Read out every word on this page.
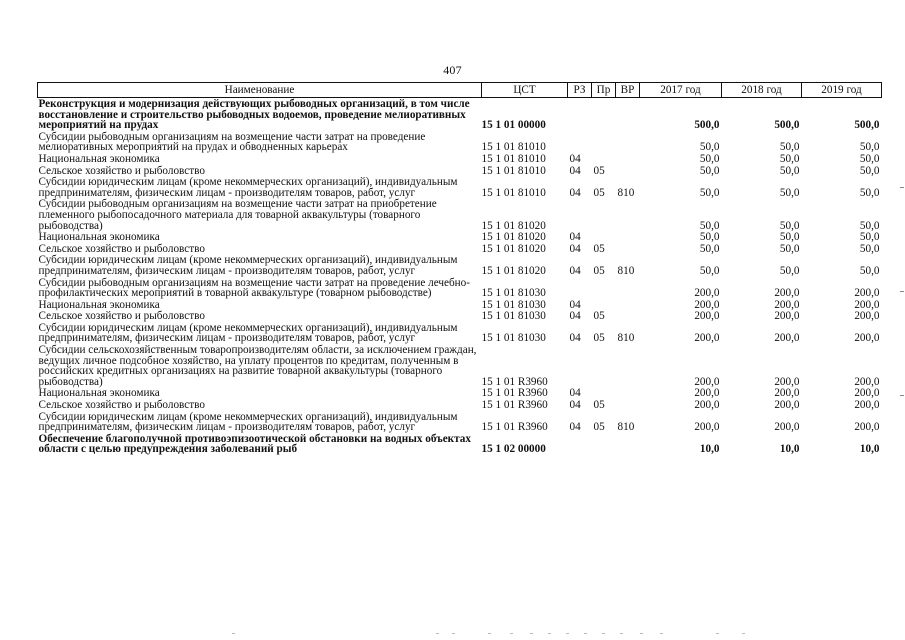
407
Наименование	ЦСТ	РЗ	Пр	ВР	2017 год	2018 год	2019 год
Реконструкция и модернизация действующих рыбоводных организаций, в том числе восстановление и строительство рыбоводных водоемов, проведение мелиоративных мероприятий на прудах	15 1 01 00000				500,0	500,0	500,0
Субсидии рыбоводным организациям на возмещение части затрат на проведение мелиоративных мероприятий на прудах и обводненных карьерах	15 1 01 81010				50,0	50,0	50,0
Национальная экономика	15 1 01 81010	04			50,0	50,0	50,0
Сельское хозяйство и рыболовство	15 1 01 81010	04	05		50,0	50,0	50,0
Субсидии юридическим лицам (кроме некоммерческих организаций), индивидуальным предпринимателям, физическим лицам - производителям товаров, работ, услуг	15 1 01 81010	04	05	810	50,0	50,0	50,0
Субсидии рыбоводным организациям на возмещение части затрат на приобретение племенного рыбопосадочного материала для товарной аквакультуры (товарного рыбоводства)	15 1 01 81020				50,0	50,0	50,0
Национальная экономика	15 1 01 81020	04			50,0	50,0	50,0
Сельское хозяйство и рыболовство	15 1 01 81020	04	05		50,0	50,0	50,0
Субсидии юридическим лицам (кроме некоммерческих организаций), индивидуальным предпринимателям, физическим лицам - производителям товаров, работ, услуг	15 1 01 81020	04	05	810	50,0	50,0	50,0
Субсидии рыбоводным организациям на возмещение части затрат на проведение лечебно-профилактических мероприятий в товарной аквакультуре (товарном рыбоводстве)	15 1 01 81030				200,0	200,0	200,0
Национальная экономика	15 1 01 81030	04			200,0	200,0	200,0
Сельское хозяйство и рыболовство	15 1 01 81030	04	05		200,0	200,0	200,0
Субсидии юридическим лицам (кроме некоммерческих организаций), индивидуальным предпринимателям, физическим лицам - производителям товаров, работ, услуг	15 1 01 81030	04	05	810	200,0	200,0	200,0
Субсидии сельскохозяйственным товаропроизводителям области, за исключением граждан, ведущих личное подсобное хозяйство, на уплату процентов по кредитам, полученным в российских кредитных организациях на развитие товарной аквакультуры (товарного рыбоводства)	15 1 01 R3960				200,0	200,0	200,0
Национальная экономика	15 1 01 R3960	04			200,0	200,0	200,0
Сельское хозяйство и рыболовство	15 1 01 R3960	04	05		200,0	200,0	200,0
Субсидии юридическим лицам (кроме некоммерческих организаций), индивидуальным предпринимателям, физическим лицам - производителям товаров, работ, услуг	15 1 01 R3960	04	05	810	200,0	200,0	200,0
Обеспечение благополучной противоэпизоотической обстановки на водных объектах области с целью предупреждения заболеваний рыб	15 1 02 00000				10,0	10,0	10,0
